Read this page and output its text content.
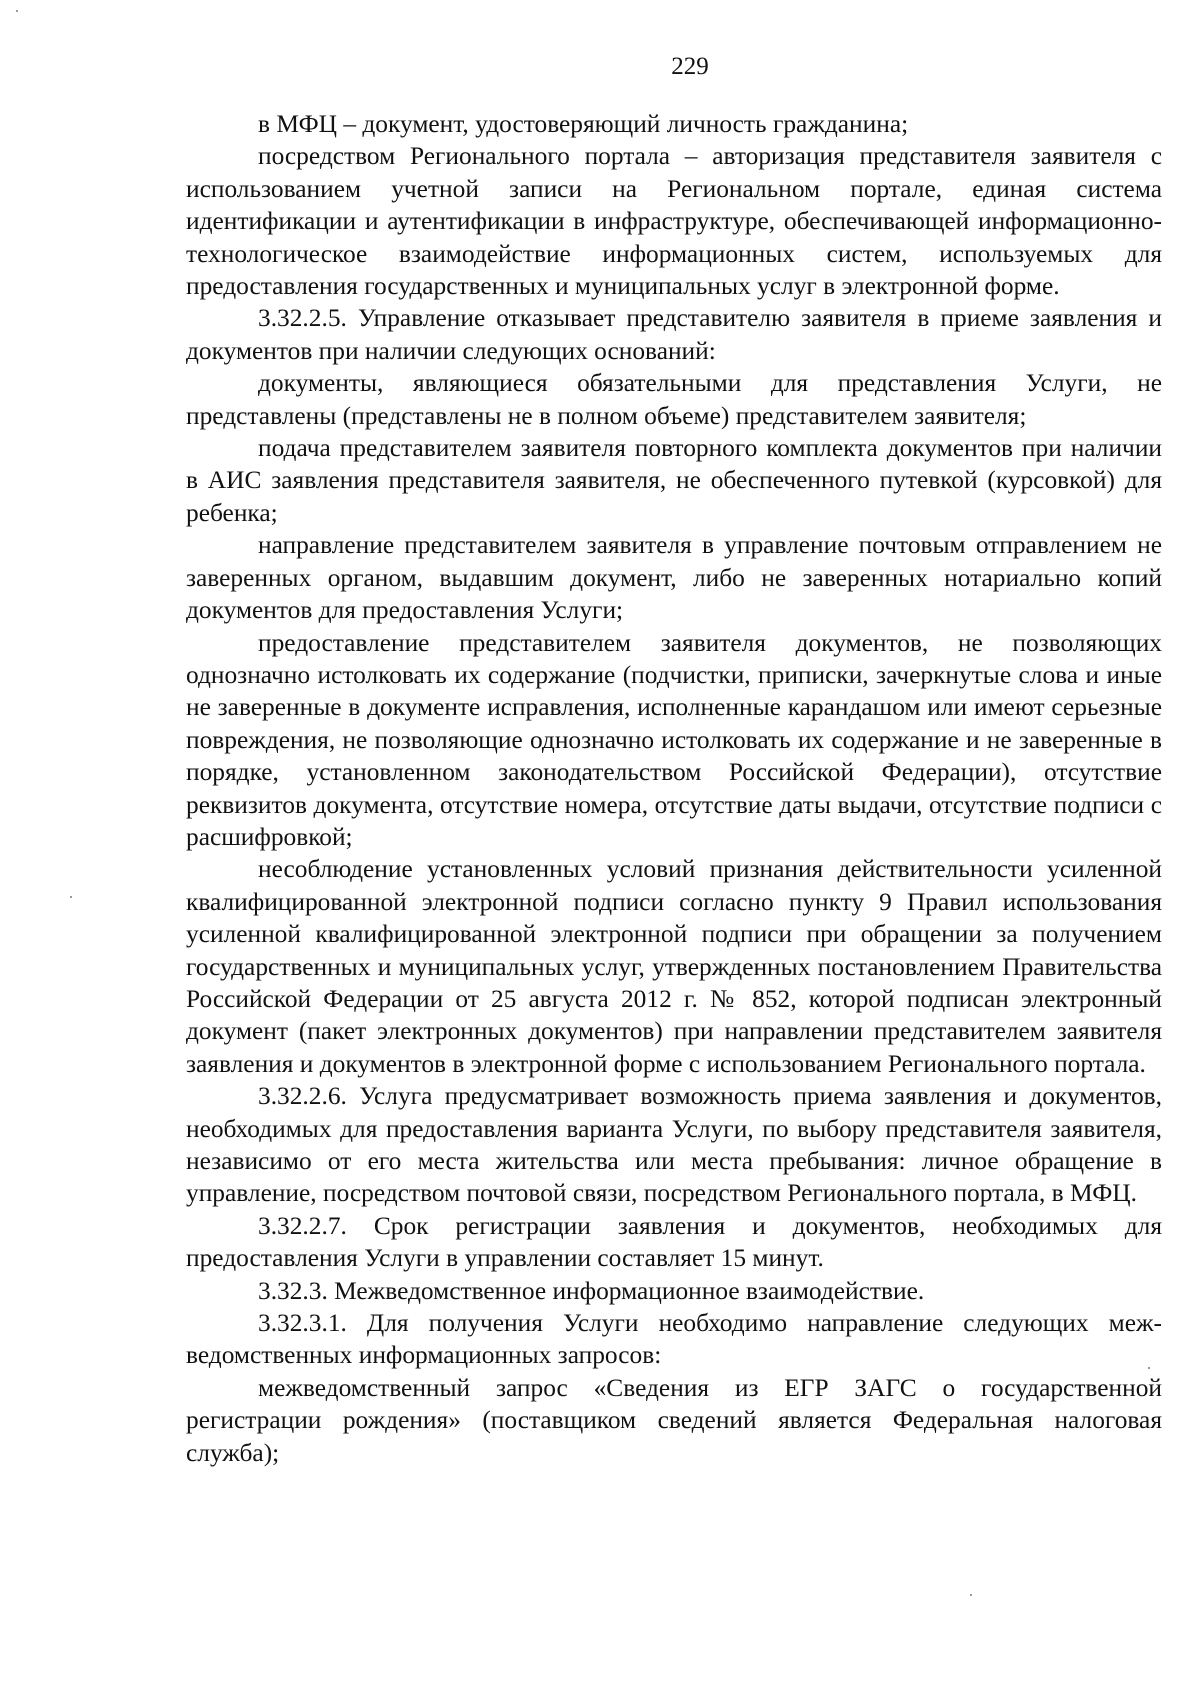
229

в МФЦ – документ, удостоверяющий личность гражданина;

посредством Регионального портала – авторизация представителя заявителя с использованием учетной записи на Региональном портале, единая система идентификации и аутентификации в инфраструктуре, обеспечивающей информационно-технологическое взаимодействие информационных систем, используемых для предоставления государственных и муниципальных услуг в электронной форме.

3.32.2.5. Управление отказывает представителю заявителя в приеме заявления и документов при наличии следующих оснований:

документы, являющиеся обязательными для представления Услуги, не представлены (представлены не в полном объеме) представителем заявителя;

подача представителем заявителя повторного комплекта документов при наличии в АИС заявления представителя заявителя, не обеспеченного путевкой (курсовкой) для ребенка;

направление представителем заявителя в управление почтовым отправлением не заверенных органом, выдавшим документ, либо не заверенных нотариально копий документов для предоставления Услуги;

предоставление представителем заявителя документов, не позволяющих однозначно истолковать их содержание (подчистки, приписки, зачеркнутые слова и иные не заверенные в документе исправления, исполненные карандашом или имеют серьезные повреждения, не позволяющие однозначно истолковать их содержание и не заверенные в порядке, установленном законодательством Российской Федерации), отсутствие реквизитов документа, отсутствие номера, отсутствие даты выдачи, отсутствие подписи с расшифровкой;

несоблюдение установленных условий признания действительности усиленной квалифицированной электронной подписи согласно пункту 9 Правил использования усиленной квалифицированной электронной подписи при обращении за получением государственных и муниципальных услуг, утвержденных постановлением Правительства Российской Федерации от 25 августа 2012 г. № 852, которой подписан электронный документ (пакет электронных документов) при направлении представителем заявителя заявления и документов в электронной форме с использованием Регионального портала.

3.32.2.6. Услуга предусматривает возможность приема заявления и документов, необходимых для предоставления варианта Услуги, по выбору представителя заявителя, независимо от его места жительства или места пребывания: личное обращение в управление, посредством почтовой связи, посредством Регионального портала, в МФЦ.

3.32.2.7. Срок регистрации заявления и документов, необходимых для предоставления Услуги в управлении составляет 15 минут.

3.32.3. Межведомственное информационное взаимодействие.

3.32.3.1. Для получения Услуги необходимо направление следующих межведомственных информационных запросов:

межведомственный запрос «Сведения из ЕГР ЗАГС о государственной регистрации рождения» (поставщиком сведений является Федеральная налоговая служба);
